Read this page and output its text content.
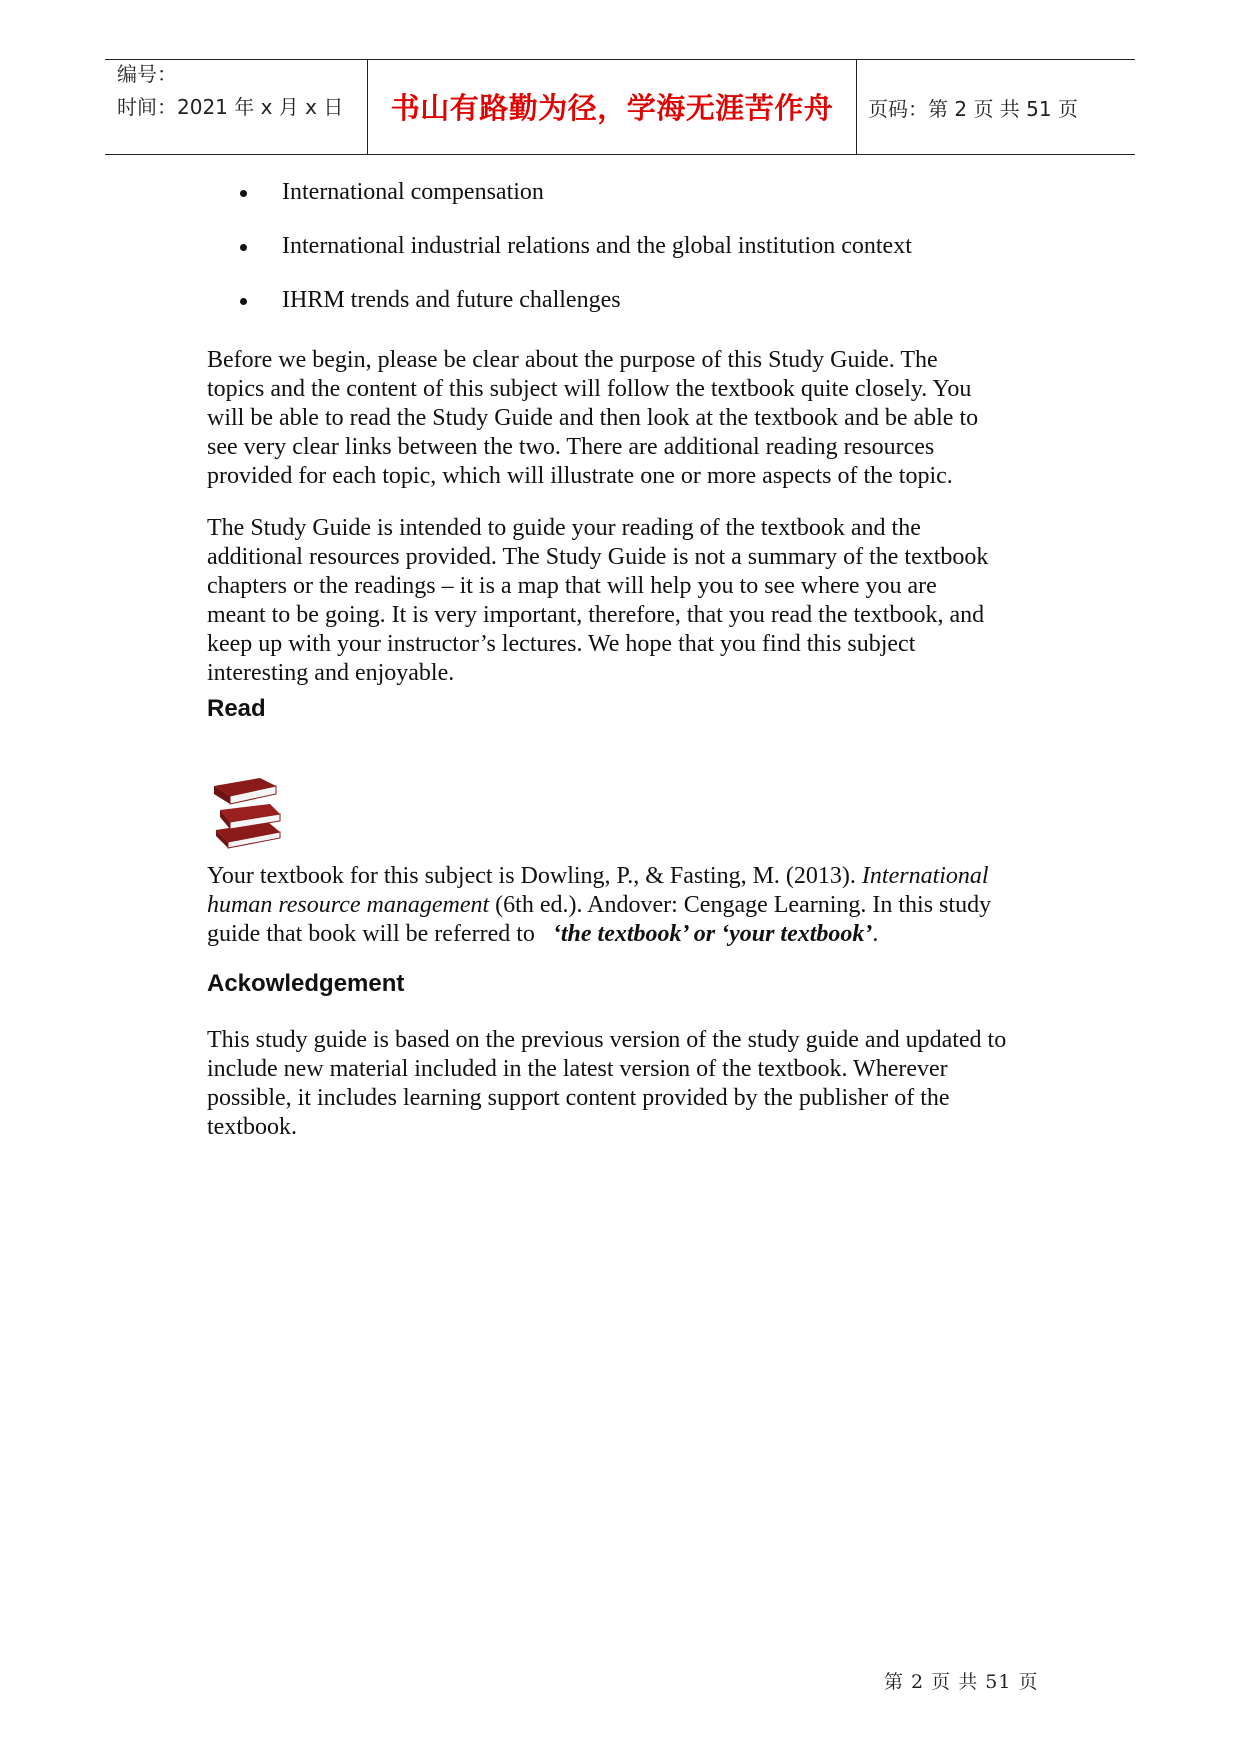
编号：
时间：2021 年 x 月 x 日	书山有路勤为径，学海无涯苦作舟	页码：第 2 页 共 51 页
International compensation
International industrial relations and the global institution context
IHRM trends and future challenges

Before we begin, please be clear about the purpose of this Study Guide. The
topics and the content of this subject will follow the textbook quite closely. You
will be able to read the Study Guide and then look at the textbook and be able to
see very clear links between the two. There are additional reading resources
provided for each topic, which will illustrate one or more aspects of the topic.

The Study Guide is intended to guide your reading of the textbook and the
additional resources provided. The Study Guide is not a summary of the textbook
chapters or the readings – it is a map that will help you to see where you are
meant to be going. It is very important, therefore, that you read the textbook, and
keep up with your instructor’s lectures. We hope that you find this subject
interesting and enjoyable.

Read

Your textbook for this subject is Dowling, P., & Fasting, M. (2013). International
human resource management (6th ed.). Andover: Cengage Learning. In this study
guide that book will be referred to   ‘the textbook’ or ‘your textbook’.

Ackowledgement

This study guide is based on the previous version of the study guide and updated to
include new material included in the latest version of the textbook. Wherever
possible, it includes learning support content provided by the publisher of the
textbook.

第 2 页 共 51 页
